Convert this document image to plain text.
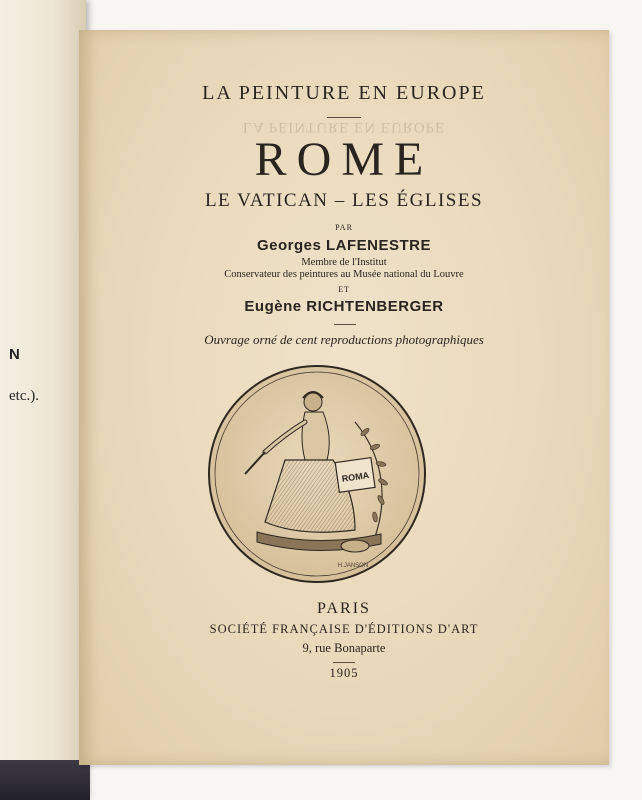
N
etc.).
LA PEINTURE EN EUROPE
LA PEINTURE EN EUROPE
ROME
LE VATICAN – LES ÉGLISES
PAR
Georges LAFENESTRE
Membre de l'Institut
Conservateur des peintures au Musée national du Louvre
ET
Eugène RICHTENBERGER
Ouvrage orné de cent reproductions photographiques
ROMA
H.JANSON
PARIS
SOCIÉTÉ FRANÇAISE D'ÉDITIONS D'ART
9, rue Bonaparte
1905
